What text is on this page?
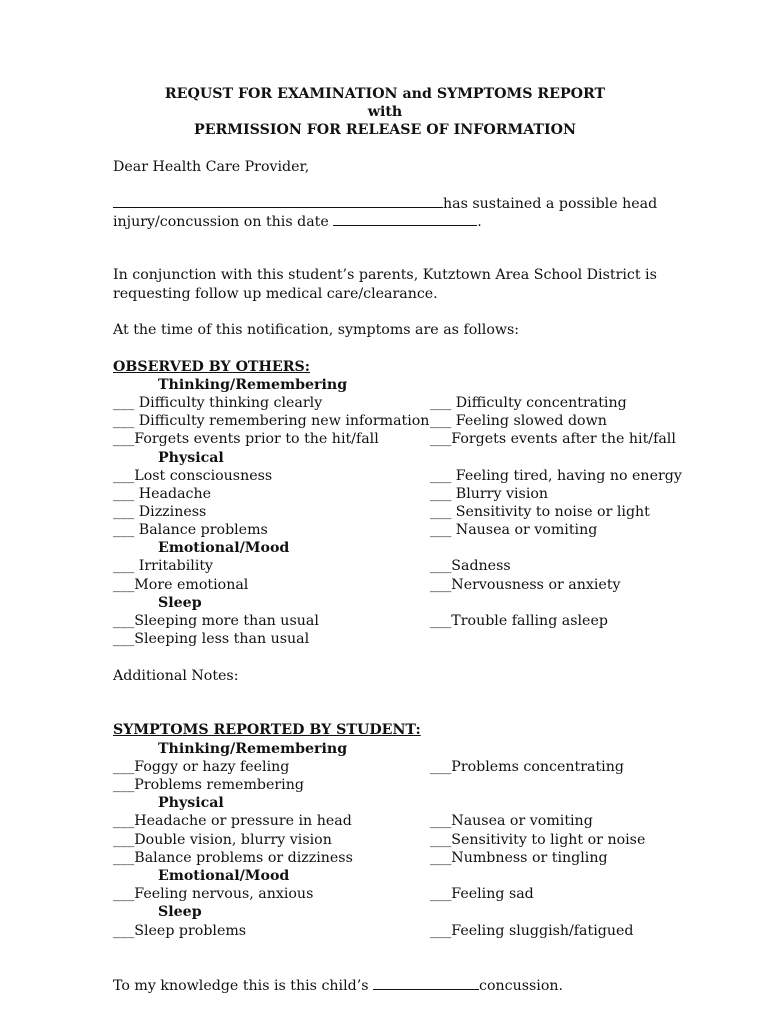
REQUST FOR EXAMINATION and SYMPTOMS REPORT
with
PERMISSION FOR RELEASE OF INFORMATION
Dear Health Care Provider,
has sustained a possible head
injury/concussion on this date	.
In conjunction with this student’s parents, Kutztown Area School District is
requesting follow up medical care/clearance.
At the time of this notification, symptoms are as follows:
OBSERVED BY OTHERS:
Thinking/Remembering
___ Difficulty thinking clearly	___ Difficulty concentrating
___ Difficulty remembering new information ___ Feeling slowed down
___Forgets events prior to the hit/fall	___Forgets events after the hit/fall
Physical
___Lost consciousness	___ Feeling tired, having no energy
___ Headache	___ Blurry vision
___ Dizziness	___ Sensitivity to noise or light
___ Balance problems	___ Nausea or vomiting
Emotional/Mood
___ Irritability	___Sadness
___More emotional	___Nervousness or anxiety
Sleep
___Sleeping more than usual	___Trouble falling asleep
___Sleeping less than usual
Additional Notes:
SYMPTOMS REPORTED BY STUDENT:
Thinking/Remembering
___Foggy or hazy feeling	___Problems concentrating
___Problems remembering
Physical
___Headache or pressure in head	___Nausea or vomiting
___Double vision, blurry vision	___Sensitivity to light or noise
___Balance problems or dizziness	___Numbness or tingling
Emotional/Mood
___Feeling nervous, anxious	___Feeling sad
Sleep
___Sleep problems	___Feeling sluggish/fatigued
To my knowledge this is this child’s	concussion.
